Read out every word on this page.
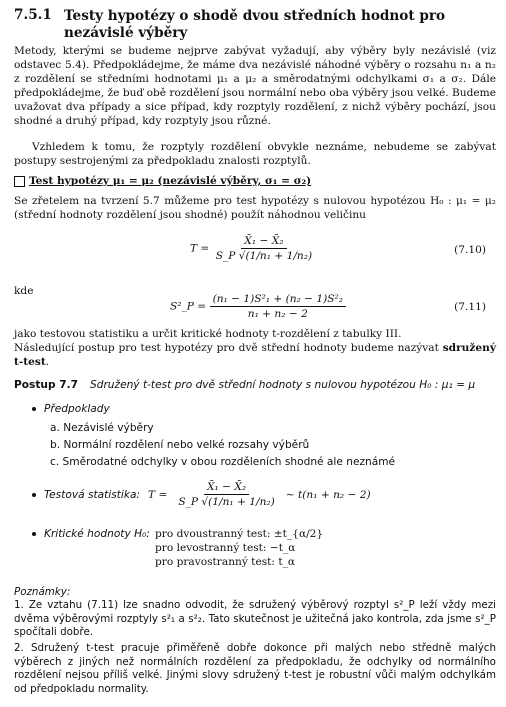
7.5.1 Testy hypotézy o shodě dvou středních hodnot pro nezávislé výběry
Metody, kterými se budeme nejprve zabývat vyžadují, aby výběry byly nezávislé (viz odstavec 5.4). Předpokládejme, že máme dva nezávislé náhodné výběry o rozsahu n₁ a n₂ z rozdělení se středními hodnotami μ₁ a μ₂ a směrodatnými odchylkami σ₁ a σ₂. Dále předpokládejme, že buď obě rozdělení jsou normální nebo oba výběry jsou velké. Budeme uvažovat dva případy a sice případ, kdy rozptyly rozdělení, z nichž výběry pochází, jsou shodné a druhý případ, kdy rozptyly jsou různé.
Vzhledem k tomu, že rozptyly rozdělení obvykle neznáme, nebudeme se zabývat postupy sestrojenými za předpokladu znalosti rozptylů.
Test hypotézy μ₁ = μ₂ (nezávislé výběry, σ₁ = σ₂)
Se zřetelem na tvrzení 5.7 můžeme pro test hypotézy s nulovou hypotézou H₀ : μ₁ = μ₂ (střední hodnoty rozdělení jsou shodné) použít náhodnou veličinu
$T = \frac{\text{X̄₁ − X̄₂}}{\text{S\_P √(1/n₁ + 1/n₂)}}$	(7.10)
kde
S²_P = $\frac{\text{(n₁ − 1)S²₁ + (n₂ − 1)S²₂}}{\text{n₁ + n₂ − 2}}$	(7.11)
jako testovou statistiku a určit kritické hodnoty t-rozdělení z tabulky III.
Následující postup pro test hypotézy pro dvě střední hodnoty budeme nazývat sdružený t-test.
Postup 7.7 Sdružený t-test pro dvě střední hodnoty s nulovou hypotézou H₀ : μ₁ = μ
Předpoklady
a. Nezávislé výběry
b. Normální rozdělení nebo velké rozsahy výběrů
c. Směrodatné odchylky v obou rozděleních shodné ale neznámé
Testová statistika: $T = \frac{\text{X̄₁ − X̄₂}}{\text{S\_P √(1/n₁ + 1/n₂)}}$ ∼ t(n₁ + n₂ − 2)
Kritické hodnoty H₀: pro dvoustranný test: ±t_{α/2}
pro levostranný test: −t_α
pro pravostranný test: t_α
Poznámky:
1. Ze vztahu (7.11) lze snadno odvodit, že sdružený výběrový rozptyl s²_P leží vždy mezi dvěma výběrovými rozptyly s²₁ a s²₂. Tato skutečnost je užitečná jako kontrola, zda jsme s²_P spočítali dobře.
2. Sdružený t-test pracuje přiměřeně dobře dokonce při malých nebo středně malých výběrech z jiných než normálních rozdělení za předpokladu, že odchylky od normálního rozdělení nejsou příliš velké. Jinými slovy sdružený t-test je robustní vůči malým odchylkám od předpokladu normality.
